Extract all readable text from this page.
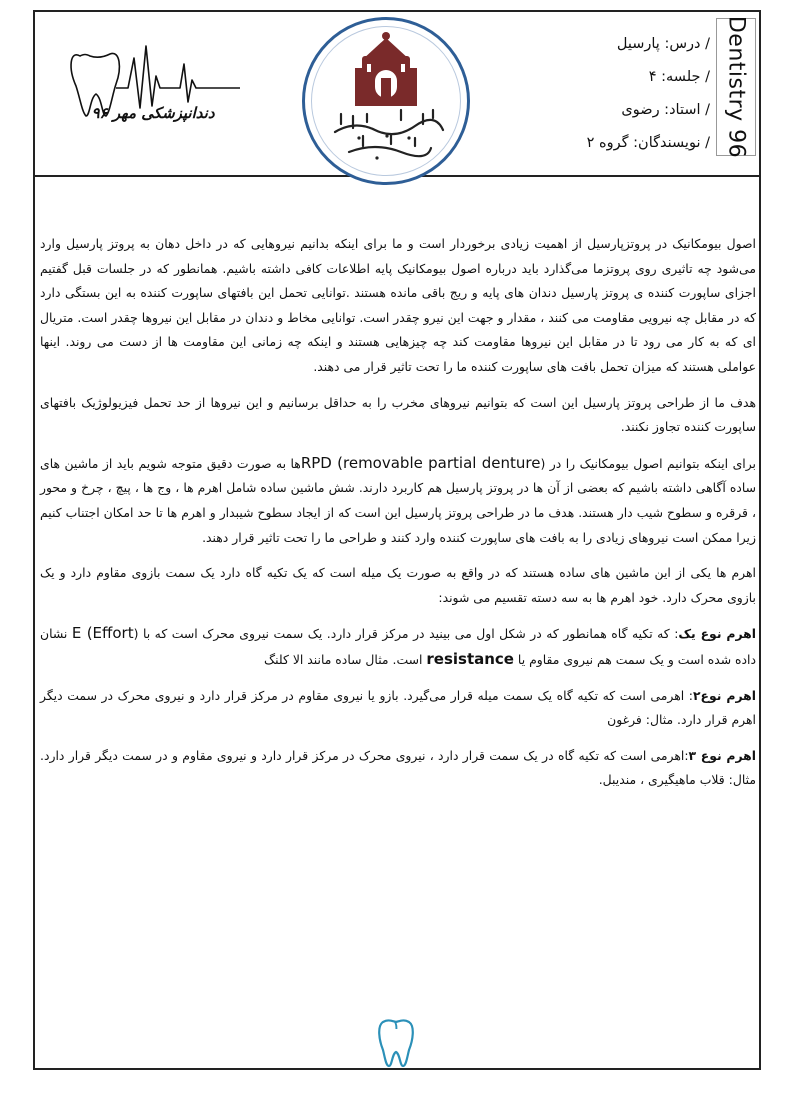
Dentistry 96
/ درس: پارسیل
/ جلسه: ۴
/ استاد: رضوی
/ نویسندگان: گروه ۲
دندانپزشکی مهر ۹۶

اصول بیومکانیک در پروتزپارسیل از اهمیت زیادی برخوردار است و ما برای اینکه بدانیم نیروهایی که در داخل دهان به پروتز پارسیل وارد می‌شود چه تاثیری روی پروتزما می‌گذارد باید درباره اصول بیومکانیک پایه اطلاعات کافی داشته باشیم. همانطور که در جلسات قبل گفتیم اجزای ساپورت کننده ی پروتز پارسیل دندان های پایه و ریج باقی مانده هستند .توانایی تحمل این بافتهای ساپورت کننده به این بستگی دارد که در مقابل چه نیرویی مقاومت می کنند ، مقدار و جهت این نیرو چقدر است. توانایی مخاط و دندان در مقابل این نیروها چقدر است. متریال ای که به کار می رود تا در مقابل این نیروها مقاومت کند چه چیزهایی هستند و اینکه چه زمانی این مقاومت ها از دست می روند. اینها عواملی هستند که میزان تحمل بافت های ساپورت کننده ما را تحت تاثیر قرار می دهند.

هدف ما از طراحی پروتز پارسیل این است که بتوانیم نیروهای مخرب را به حداقل برسانیم و این نیروها از حد تحمل فیزیولوژیک بافتهای ساپورت کننده تجاوز نکنند.

برای اینکه بتوانیم اصول بیومکانیک را در RPD (removable partial denture)ها به صورت دقیق متوجه شویم باید از ماشین های ساده آگاهی داشته باشیم که بعضی از آن ها در پروتز پارسیل هم کاربرد دارند. شش ماشین ساده شامل اهرم ها ، وج ها ، پیچ ، چرخ و محور ، قرقره و سطوح شیب دار هستند. هدف ما در طراحی پروتز پارسیل این است که از ایجاد سطوح شیبدار و اهرم ها تا حد امکان اجتناب کنیم زیرا ممکن است نیروهای زیادی را به بافت های ساپورت کننده وارد کنند و طراحی ما را تحت تاثیر قرار دهند.

اهرم ها یکی از این ماشین های ساده هستند که در واقع به صورت یک میله است که یک تکیه گاه دارد یک سمت بازوی مقاوم دارد و یک بازوی محرک دارد. خود اهرم ها به سه دسته تقسیم می شوند:

اهرم نوع یک: که تکیه گاه همانطور که در شکل اول می بینید در مرکز قرار دارد. یک سمت نیروی محرک است که با E (Effort) نشان داده شده است و یک سمت هم نیروی مقاوم یا resistance است. مثال ساده مانند الا کلنگ

اهرم نوع۲: اهرمی است که تکیه گاه یک سمت میله قرار می‌گیرد. بازو یا نیروی مقاوم در مرکز قرار دارد و نیروی محرک در سمت دیگر اهرم قرار دارد. مثال: فرغون

اهرم نوع ۳:اهرمی است که تکیه گاه در یک سمت قرار دارد ، نیروی محرک در مرکز قرار دارد و نیروی مقاوم و در سمت دیگر قرار دارد. مثال: قلاب ماهیگیری ، مندیبل.

۱
